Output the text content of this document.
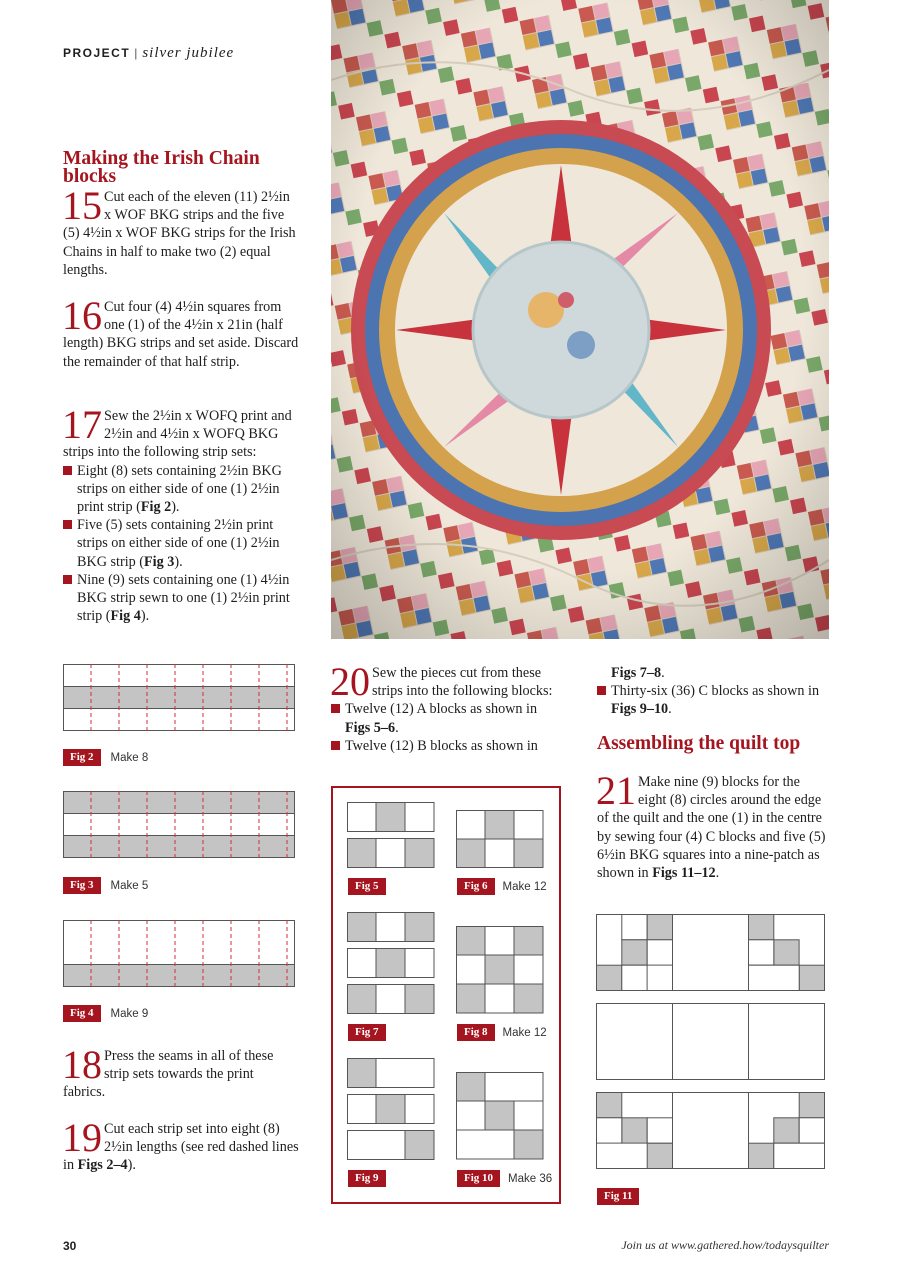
PROJECT | silver jubilee
Making the Irish Chain blocks
15 Cut each of the eleven (11) 2½in x WOF BKG strips and the five (5) 4½in x WOF BKG strips for the Irish Chains in half to make two (2) equal lengths.

16 Cut four (4) 4½in squares from one (1) of the 4½in x 21in (half length) BKG strips and set aside. Discard the remainder of that half strip.

17 Sew the 2½in x WOFQ print and 2½in and 4½in x WOFQ BKG strips into the following strip sets:

Eight (8) sets containing 2½in BKG strips on either side of one (1) 2½in print strip (Fig 2).
Five (5) sets containing 2½in print strips on either side of one (1) 2½in BKG strip (Fig 3).
Nine (9) sets containing one (1) 4½in BKG strip sewn to one (1) 2½in print strip (Fig 4).
Fig 2	Make 8
Fig 3	Make 5
Fig 4	Make 9
18 Press the seams in all of these strip sets towards the print fabrics.

19 Cut each strip set into eight (8) 2½in lengths (see red dashed lines in Figs 2–4).

20 Sew the pieces cut from these strips into the following blocks:

Twelve (12) A blocks as shown in Figs 5–6.
Twelve (12) B blocks as shown in
Fig 5	Fig 6	Make 12
Fig 7	Fig 8	Make 12
Fig 9	Fig 10	Make 36

Figs 7–8.

Thirty-six (36) C blocks as shown in Figs 9–10.
Assembling the quilt top
21 Make nine (9) blocks for the eight (8) circles around the edge of the quilt and the one (1) in the centre by sewing four (4) C blocks and five (5) 6½in BKG squares into a nine-patch as shown in Figs 11–12.

Fig 11
30	Join us at www.gathered.how/todaysquilter
